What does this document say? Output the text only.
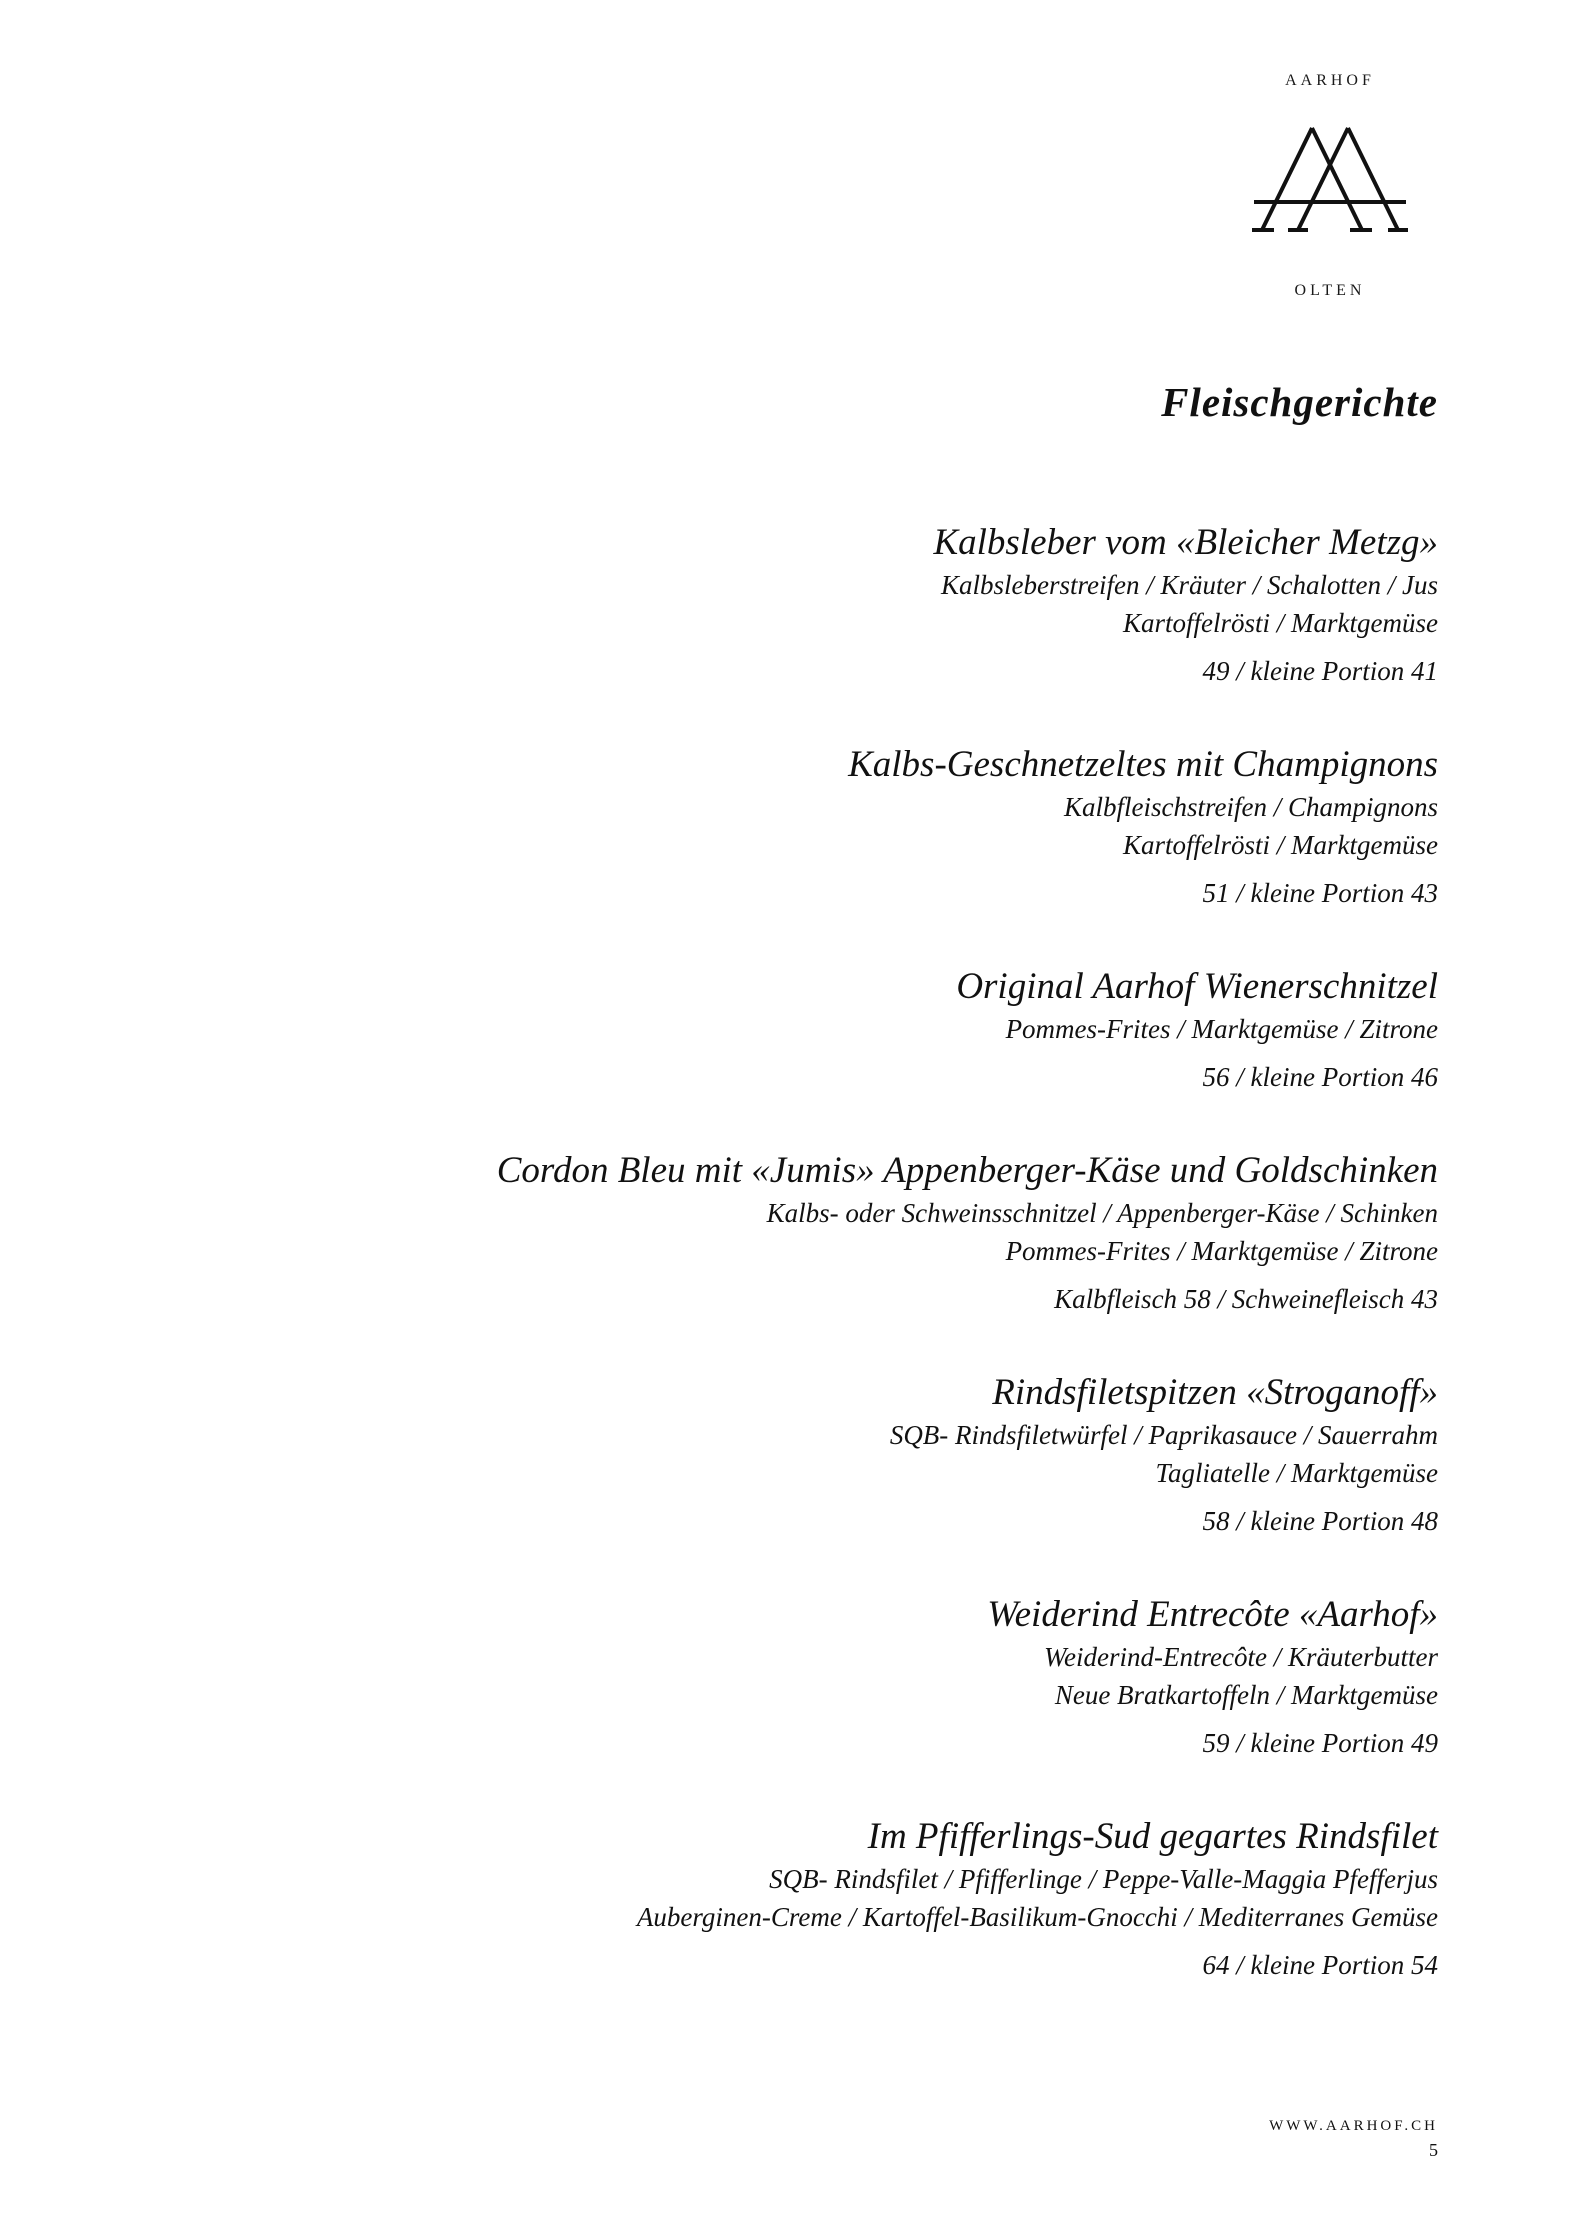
AARHOF
OLTEN
Fleischgerichte
Kalbsleber vom «Bleicher Metzg»
Kalbsleberstreifen / Kräuter / Schalotten / Jus
Kartoffelrösti / Marktgemüse
49 / kleine Portion 41
Kalbs-Geschnetzeltes mit Champignons
Kalbfleischstreifen / Champignons
Kartoffelrösti / Marktgemüse
51 / kleine Portion 43
Original Aarhof Wienerschnitzel
Pommes-Frites / Marktgemüse / Zitrone
56 / kleine Portion 46
Cordon Bleu mit «Jumis» Appenberger-Käse und Goldschinken
Kalbs- oder Schweinsschnitzel / Appenberger-Käse / Schinken
Pommes-Frites / Marktgemüse / Zitrone
Kalbfleisch 58 / Schweinefleisch 43
Rindsfiletspitzen «Stroganoff»
SQB- Rindsfiletwürfel / Paprikasauce / Sauerrahm
Tagliatelle / Marktgemüse
58 / kleine Portion 48
Weiderind Entrecôte «Aarhof»
Weiderind-Entrecôte / Kräuterbutter
Neue Bratkartoffeln / Marktgemüse
59 / kleine Portion 49
Im Pfifferlings-Sud gegartes Rindsfilet
SQB- Rindsfilet / Pfifferlinge / Peppe-Valle-Maggia Pfefferjus
Auberginen-Creme / Kartoffel-Basilikum-Gnocchi / Mediterranes Gemüse
64 / kleine Portion 54
WWW.AARHOF.CH
5
